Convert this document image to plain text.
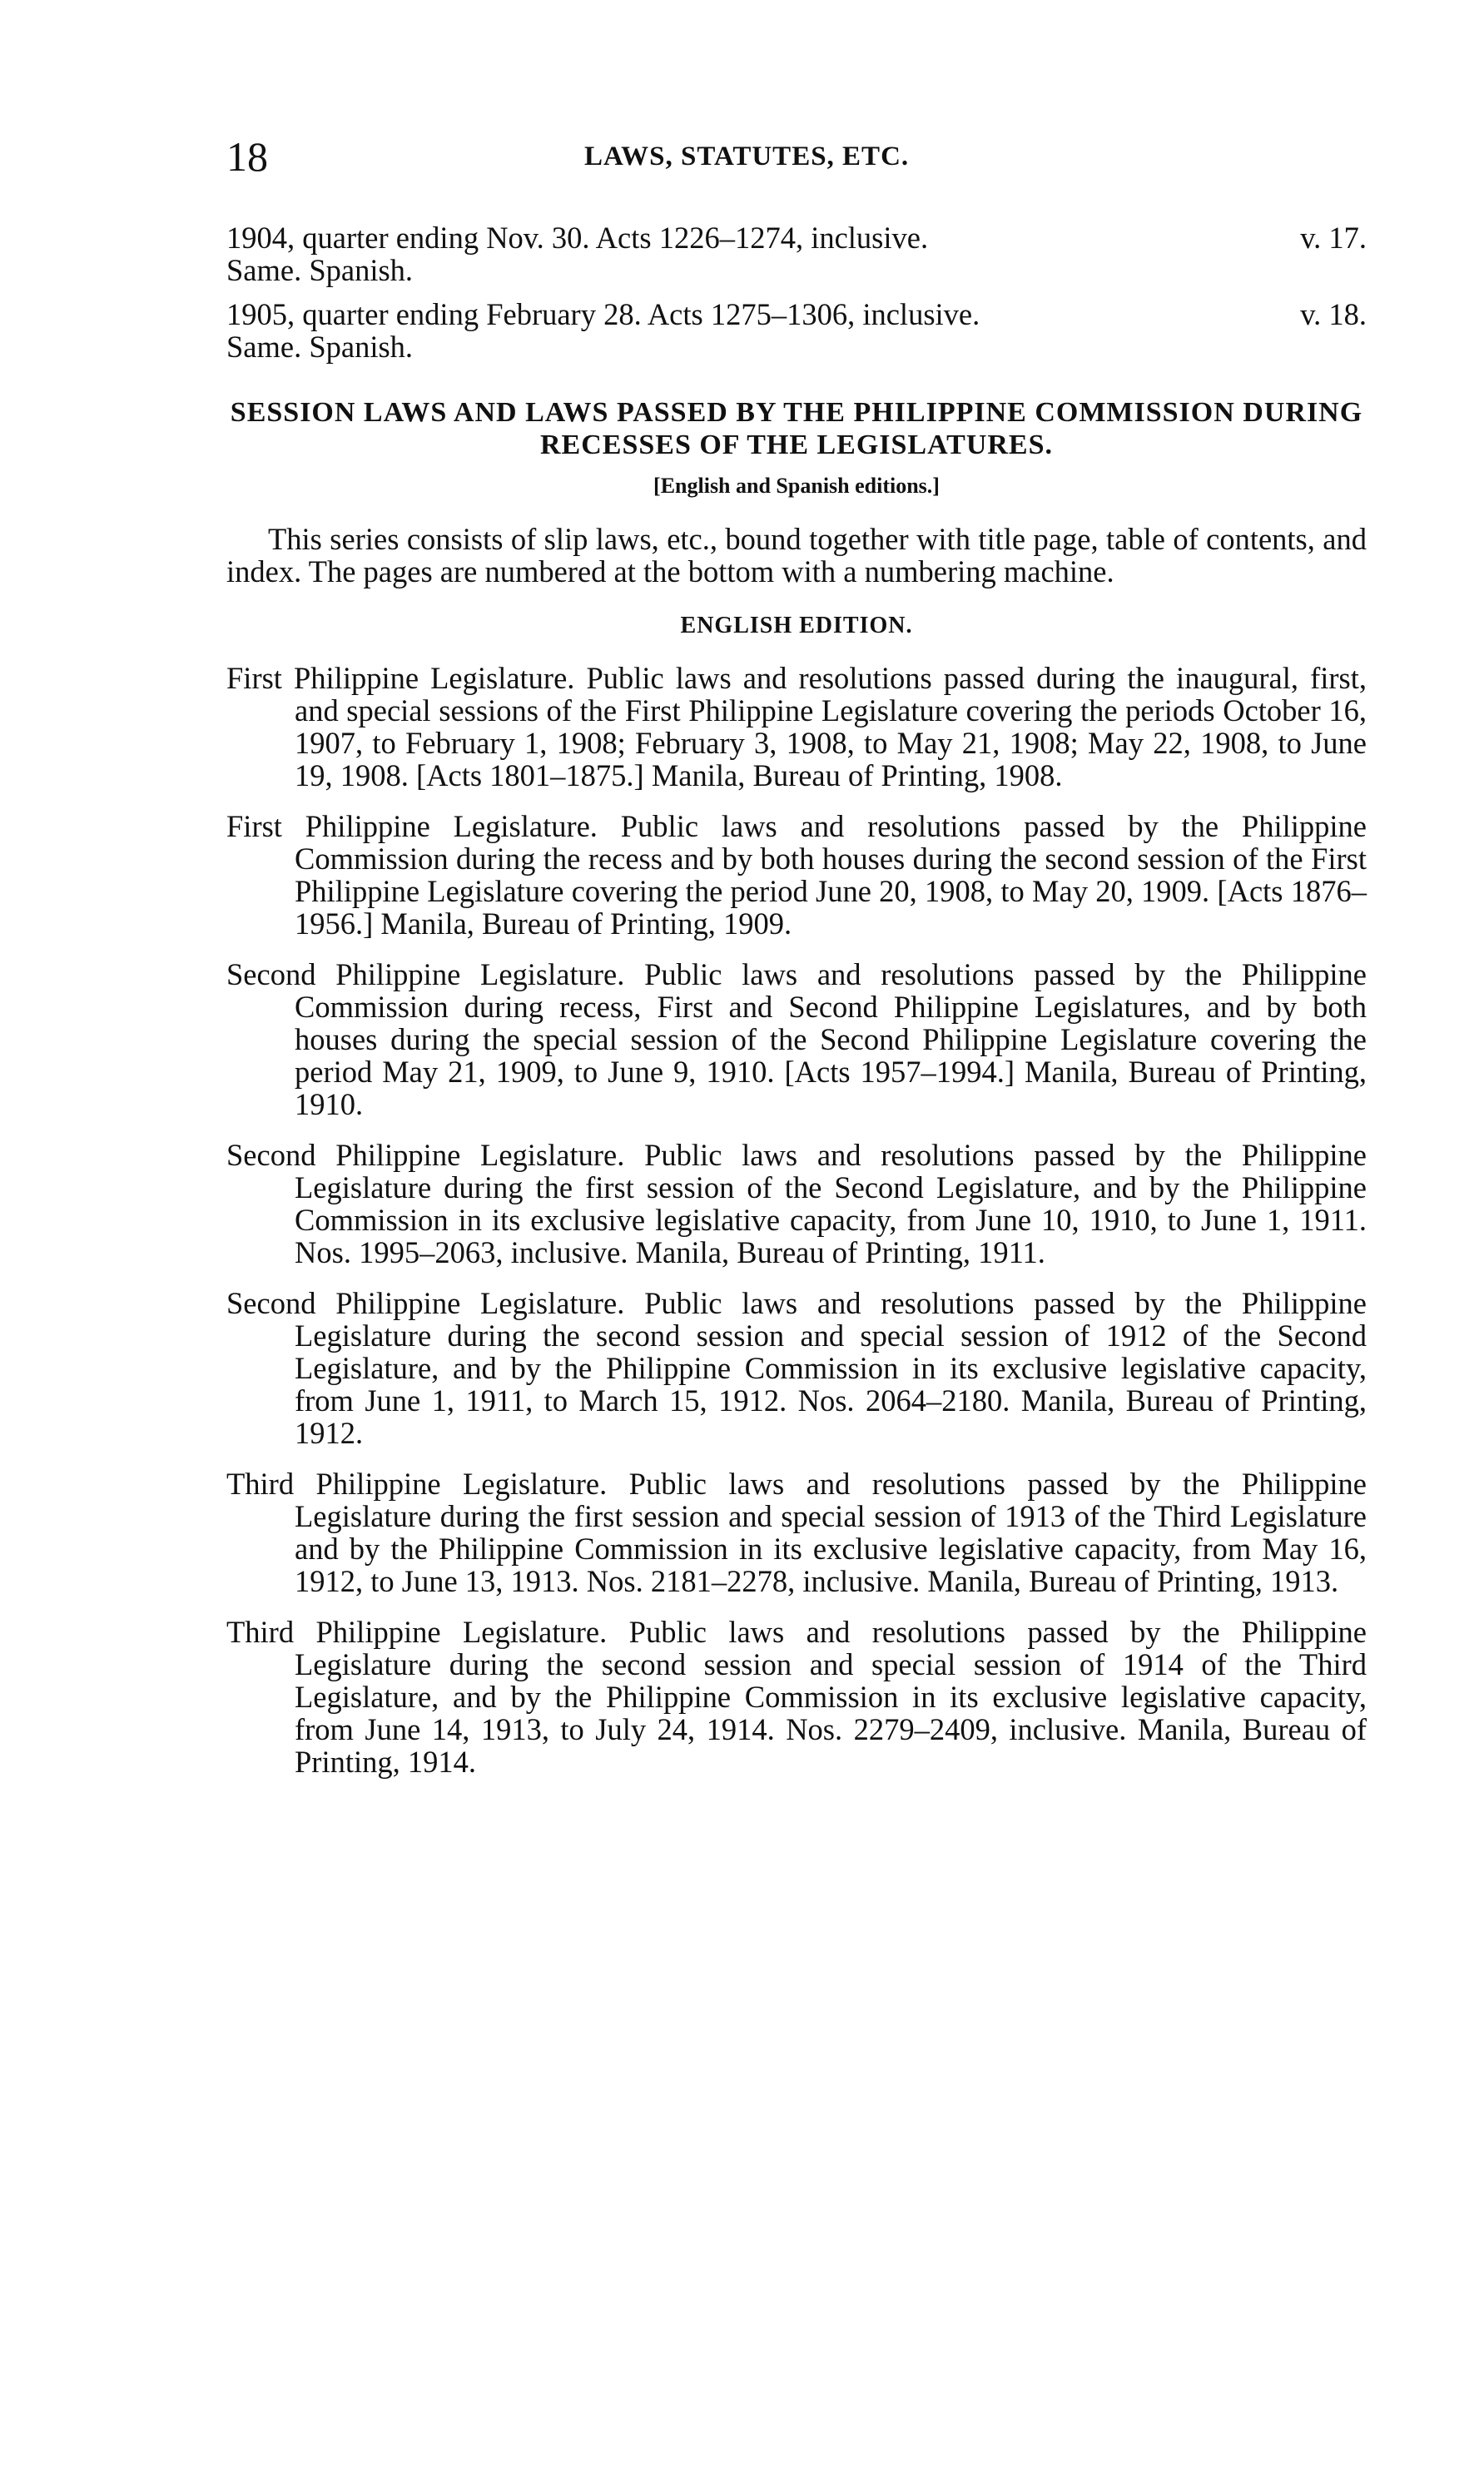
18	LAWS, STATUTES, ETC.

1904, quarter ending Nov. 30. Acts 1226–1274, inclusive.	v. 17.

Same. Spanish.

1905, quarter ending February 28. Acts 1275–1306, inclusive.	v. 18.

Same. Spanish.

SESSION LAWS AND LAWS PASSED BY THE PHILIPPINE COMMISSION DURING RECESSES OF THE LEGISLATURES.

[English and Spanish editions.]

This series consists of slip laws, etc., bound together with title page, table of contents, and index. The pages are numbered at the bottom with a numbering machine.

ENGLISH EDITION.

First Philippine Legislature. Public laws and resolutions passed during the inaugural, first, and special sessions of the First Philippine Legislature covering the periods October 16, 1907, to February 1, 1908; February 3, 1908, to May 21, 1908; May 22, 1908, to June 19, 1908. [Acts 1801–1875.] Manila, Bureau of Printing, 1908.

First Philippine Legislature. Public laws and resolutions passed by the Philippine Commission during the recess and by both houses during the second session of the First Philippine Legislature covering the period June 20, 1908, to May 20, 1909. [Acts 1876–1956.] Manila, Bureau of Printing, 1909.

Second Philippine Legislature. Public laws and resolutions passed by the Philippine Commission during recess, First and Second Philippine Legislatures, and by both houses during the special session of the Second Philippine Legislature covering the period May 21, 1909, to June 9, 1910. [Acts 1957–1994.] Manila, Bureau of Printing, 1910.

Second Philippine Legislature. Public laws and resolutions passed by the Philippine Legislature during the first session of the Second Legislature, and by the Philippine Commission in its exclusive legislative capacity, from June 10, 1910, to June 1, 1911. Nos. 1995–2063, inclusive. Manila, Bureau of Printing, 1911.

Second Philippine Legislature. Public laws and resolutions passed by the Philippine Legislature during the second session and special session of 1912 of the Second Legislature, and by the Philippine Commission in its exclusive legislative capacity, from June 1, 1911, to March 15, 1912. Nos. 2064–2180. Manila, Bureau of Printing, 1912.

Third Philippine Legislature. Public laws and resolutions passed by the Philippine Legislature during the first session and special session of 1913 of the Third Legislature and by the Philippine Commission in its exclusive legislative capacity, from May 16, 1912, to June 13, 1913. Nos. 2181–2278, inclusive. Manila, Bureau of Printing, 1913.

Third Philippine Legislature. Public laws and resolutions passed by the Philippine Legislature during the second session and special session of 1914 of the Third Legislature, and by the Philippine Commission in its exclusive legislative capacity, from June 14, 1913, to July 24, 1914. Nos. 2279–2409, inclusive. Manila, Bureau of Printing, 1914.
